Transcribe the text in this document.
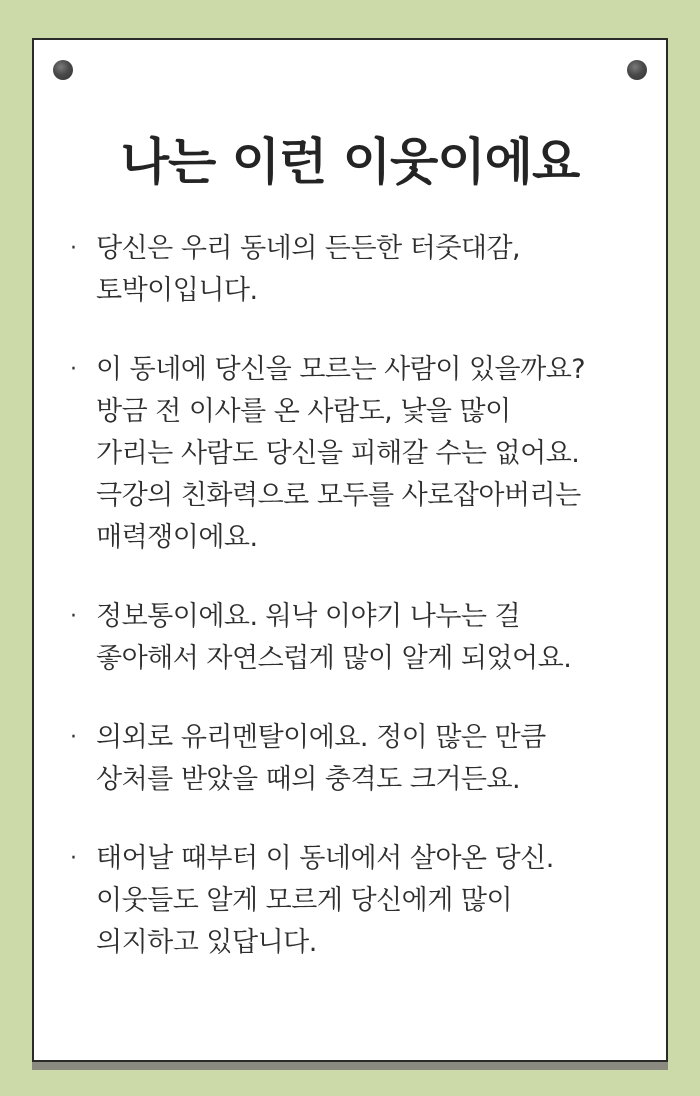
나는 이런 이웃이에요
· 당신은 우리 동네의 든든한 터줏대감,
토박이입니다.
· 이 동네에 당신을 모르는 사람이 있을까요?
방금 전 이사를 온 사람도, 낯을 많이
가리는 사람도 당신을 피해갈 수는 없어요.
극강의 친화력으로 모두를 사로잡아버리는
매력쟁이에요.
· 정보통이에요. 워낙 이야기 나누는 걸
좋아해서 자연스럽게 많이 알게 되었어요.
· 의외로 유리멘탈이에요. 정이 많은 만큼
상처를 받았을 때의 충격도 크거든요.
· 태어날 때부터 이 동네에서 살아온 당신.
이웃들도 알게 모르게 당신에게 많이
의지하고 있답니다.
